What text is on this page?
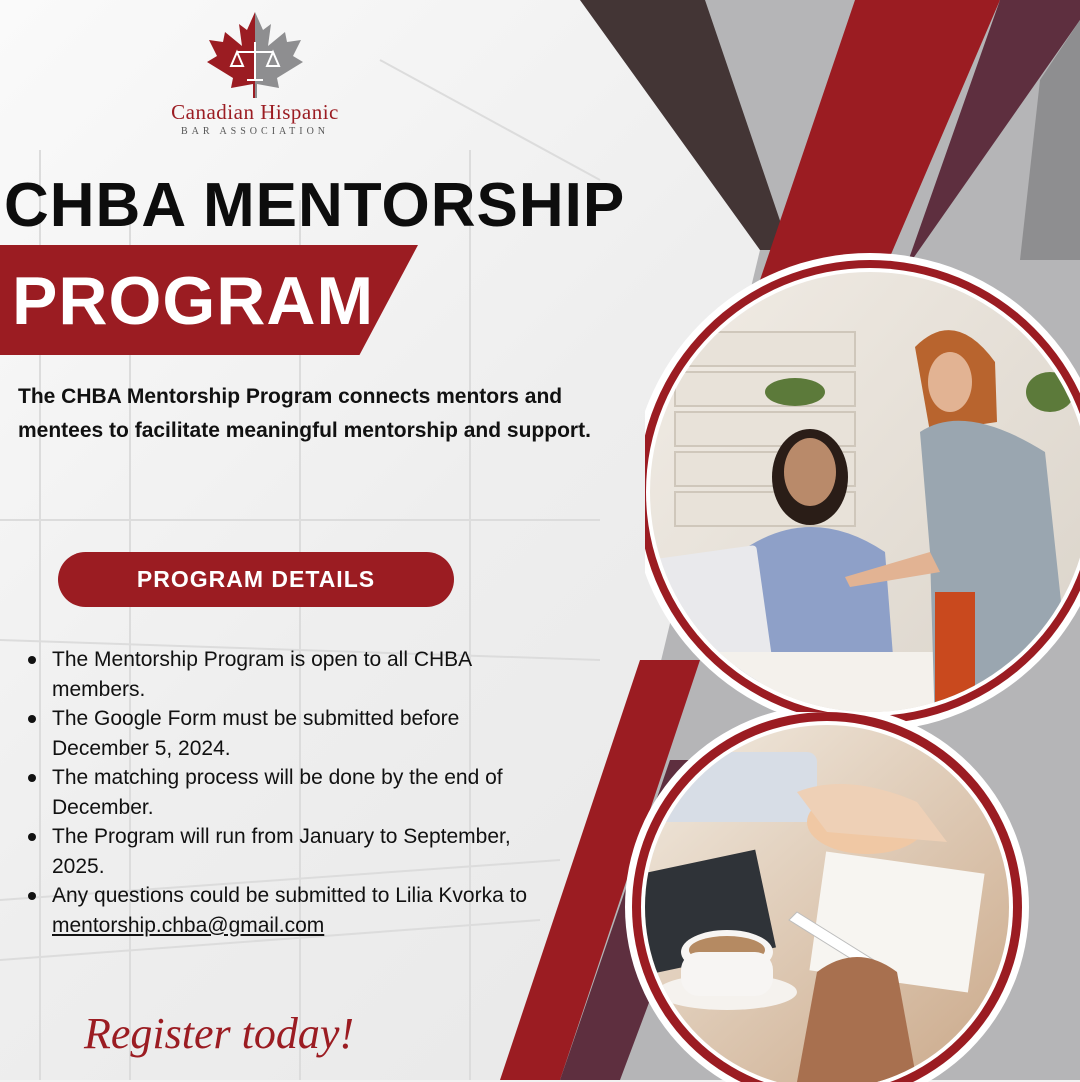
Canadian Hispanic
BAR ASSOCIATION
CHBA MENTORSHIP
PROGRAM
The CHBA Mentorship Program connects mentors and mentees to facilitate meaningful mentorship and support.
PROGRAM DETAILS
The Mentorship Program is open to all CHBA members.
The Google Form must be submitted before December 5, 2024.
The matching process will be done by the end of December.
The Program will run from January to September, 2025.
Any questions could be submitted to Lilia Kvorka to mentorship.chba@gmail.com
Register today!
